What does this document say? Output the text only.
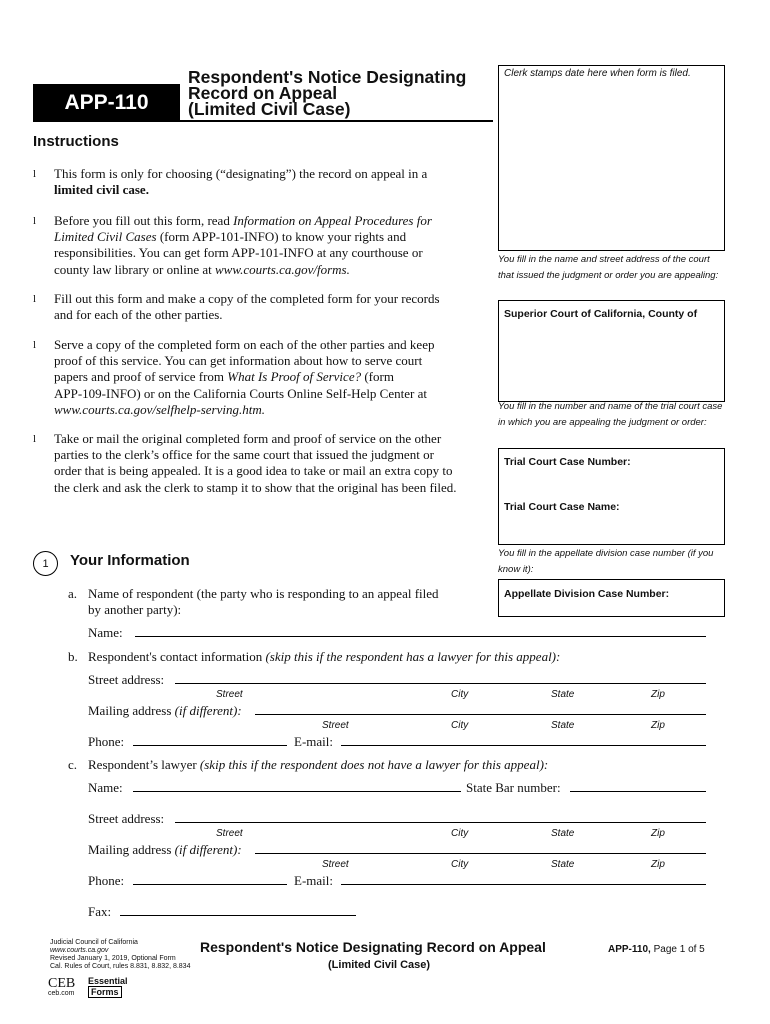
APP-110
Respondent's Notice Designating
Record on Appeal
(Limited Civil Case)
Clerk stamps date here when form is filed.
You fill in the name and street address of the court that issued the judgment or order you are appealing:
Superior Court of California, County of
You fill in the number and name of the trial court case in which you are appealing the judgment or order:
Trial Court Case Number:
Trial Court Case Name:
You fill in the appellate division case number (if you know it):
Appellate Division Case Number:
Instructions
l This form is only for choosing (“designating”) the record on appeal in a
limited civil case.
l Before you fill out this form, read Information on Appeal Procedures for
Limited Civil Cases (form APP-101-INFO) to know your rights and
responsibilities. You can get form APP-101-INFO at any courthouse or
county law library or online at www.courts.ca.gov/forms.
l Fill out this form and make a copy of the completed form for your records
and for each of the other parties.
l Serve a copy of the completed form on each of the other parties and keep
proof of this service. You can get information about how to serve court
papers and proof of service from What Is Proof of Service? (form
APP-109-INFO) or on the California Courts Online Self-Help Center at
www.courts.ca.gov/selfhelp-serving.htm.
l Take or mail the original completed form and proof of service on the other
parties to the clerk’s office for the same court that issued the judgment or
order that is being appealed. It is a good idea to take or mail an extra copy to
the clerk and ask the clerk to stamp it to show that the original has been filed.
1 Your Information
a. Name of respondent (the party who is responding to an appeal filed
by another party):
Name:
b. Respondent's contact information (skip this if the respondent has a lawyer for this appeal):
Street address:
Street	City	State	Zip
Mailing address (if different):
Street	City	State	Zip
Phone:	E-mail:
c. Respondent’s lawyer (skip this if the respondent does not have a lawyer for this appeal):
Name:	State Bar number:
Street address:
Street	City	State	Zip
Mailing address (if different):
Street	City	State	Zip
Phone:	E-mail:
Fax:
Judicial Council of California
www.courts.ca.gov
Revised January 1, 2019, Optional Form
Cal. Rules of Court, rules 8.831, 8.832, 8.834
Respondent's Notice Designating Record on Appeal
(Limited Civil Case)
APP-110, Page 1 of 5
CEB
ceb.com
Essential
Forms
